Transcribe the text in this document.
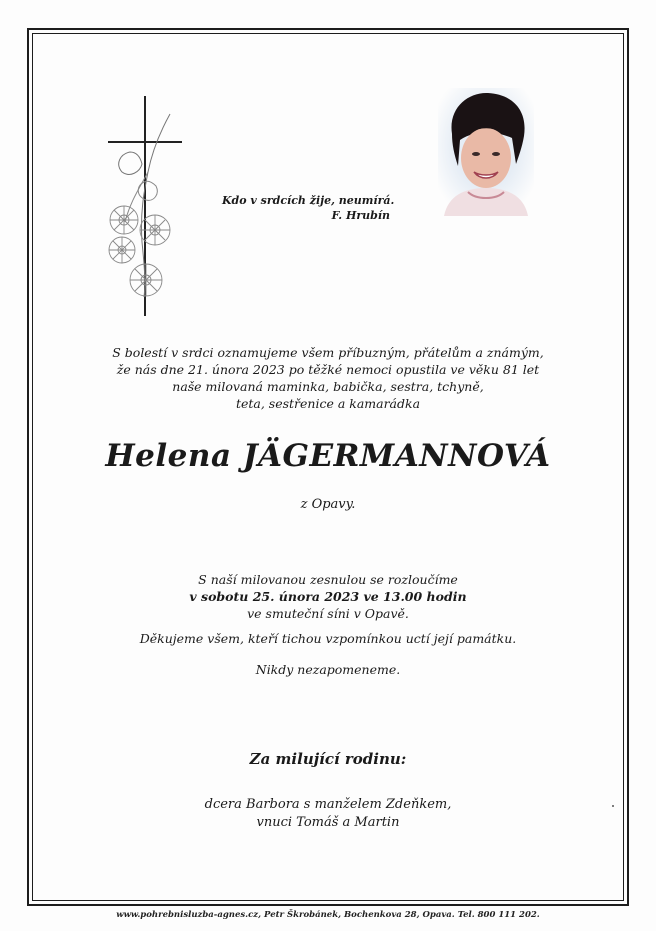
Kdo v srdcích žije, neumírá.
F. Hrubín
S bolestí v srdci oznamujeme všem příbuzným, přátelům a známým,
že nás dne 21. února 2023 po těžké nemoci opustila ve věku 81 let
naše milovaná maminka, babička, sestra, tchyně,
teta, sestřenice a kamarádka
Helena JÄGERMANNOVÁ
z Opavy.
S naší milovanou zesnulou se rozloučíme
v sobotu 25. února 2023 ve 13.00 hodin
ve smuteční síni v Opavě.
Děkujeme všem, kteří tichou vzpomínkou uctí její památku.
Nikdy nezapomeneme.
Za milující rodinu:
dcera Barbora s manželem Zdeňkem,
vnuci Tomáš a Martin
www.pohrebnisluzba-agnes.cz, Petr Škrobánek, Bochenkova 28, Opava. Tel. 800 111 202.
